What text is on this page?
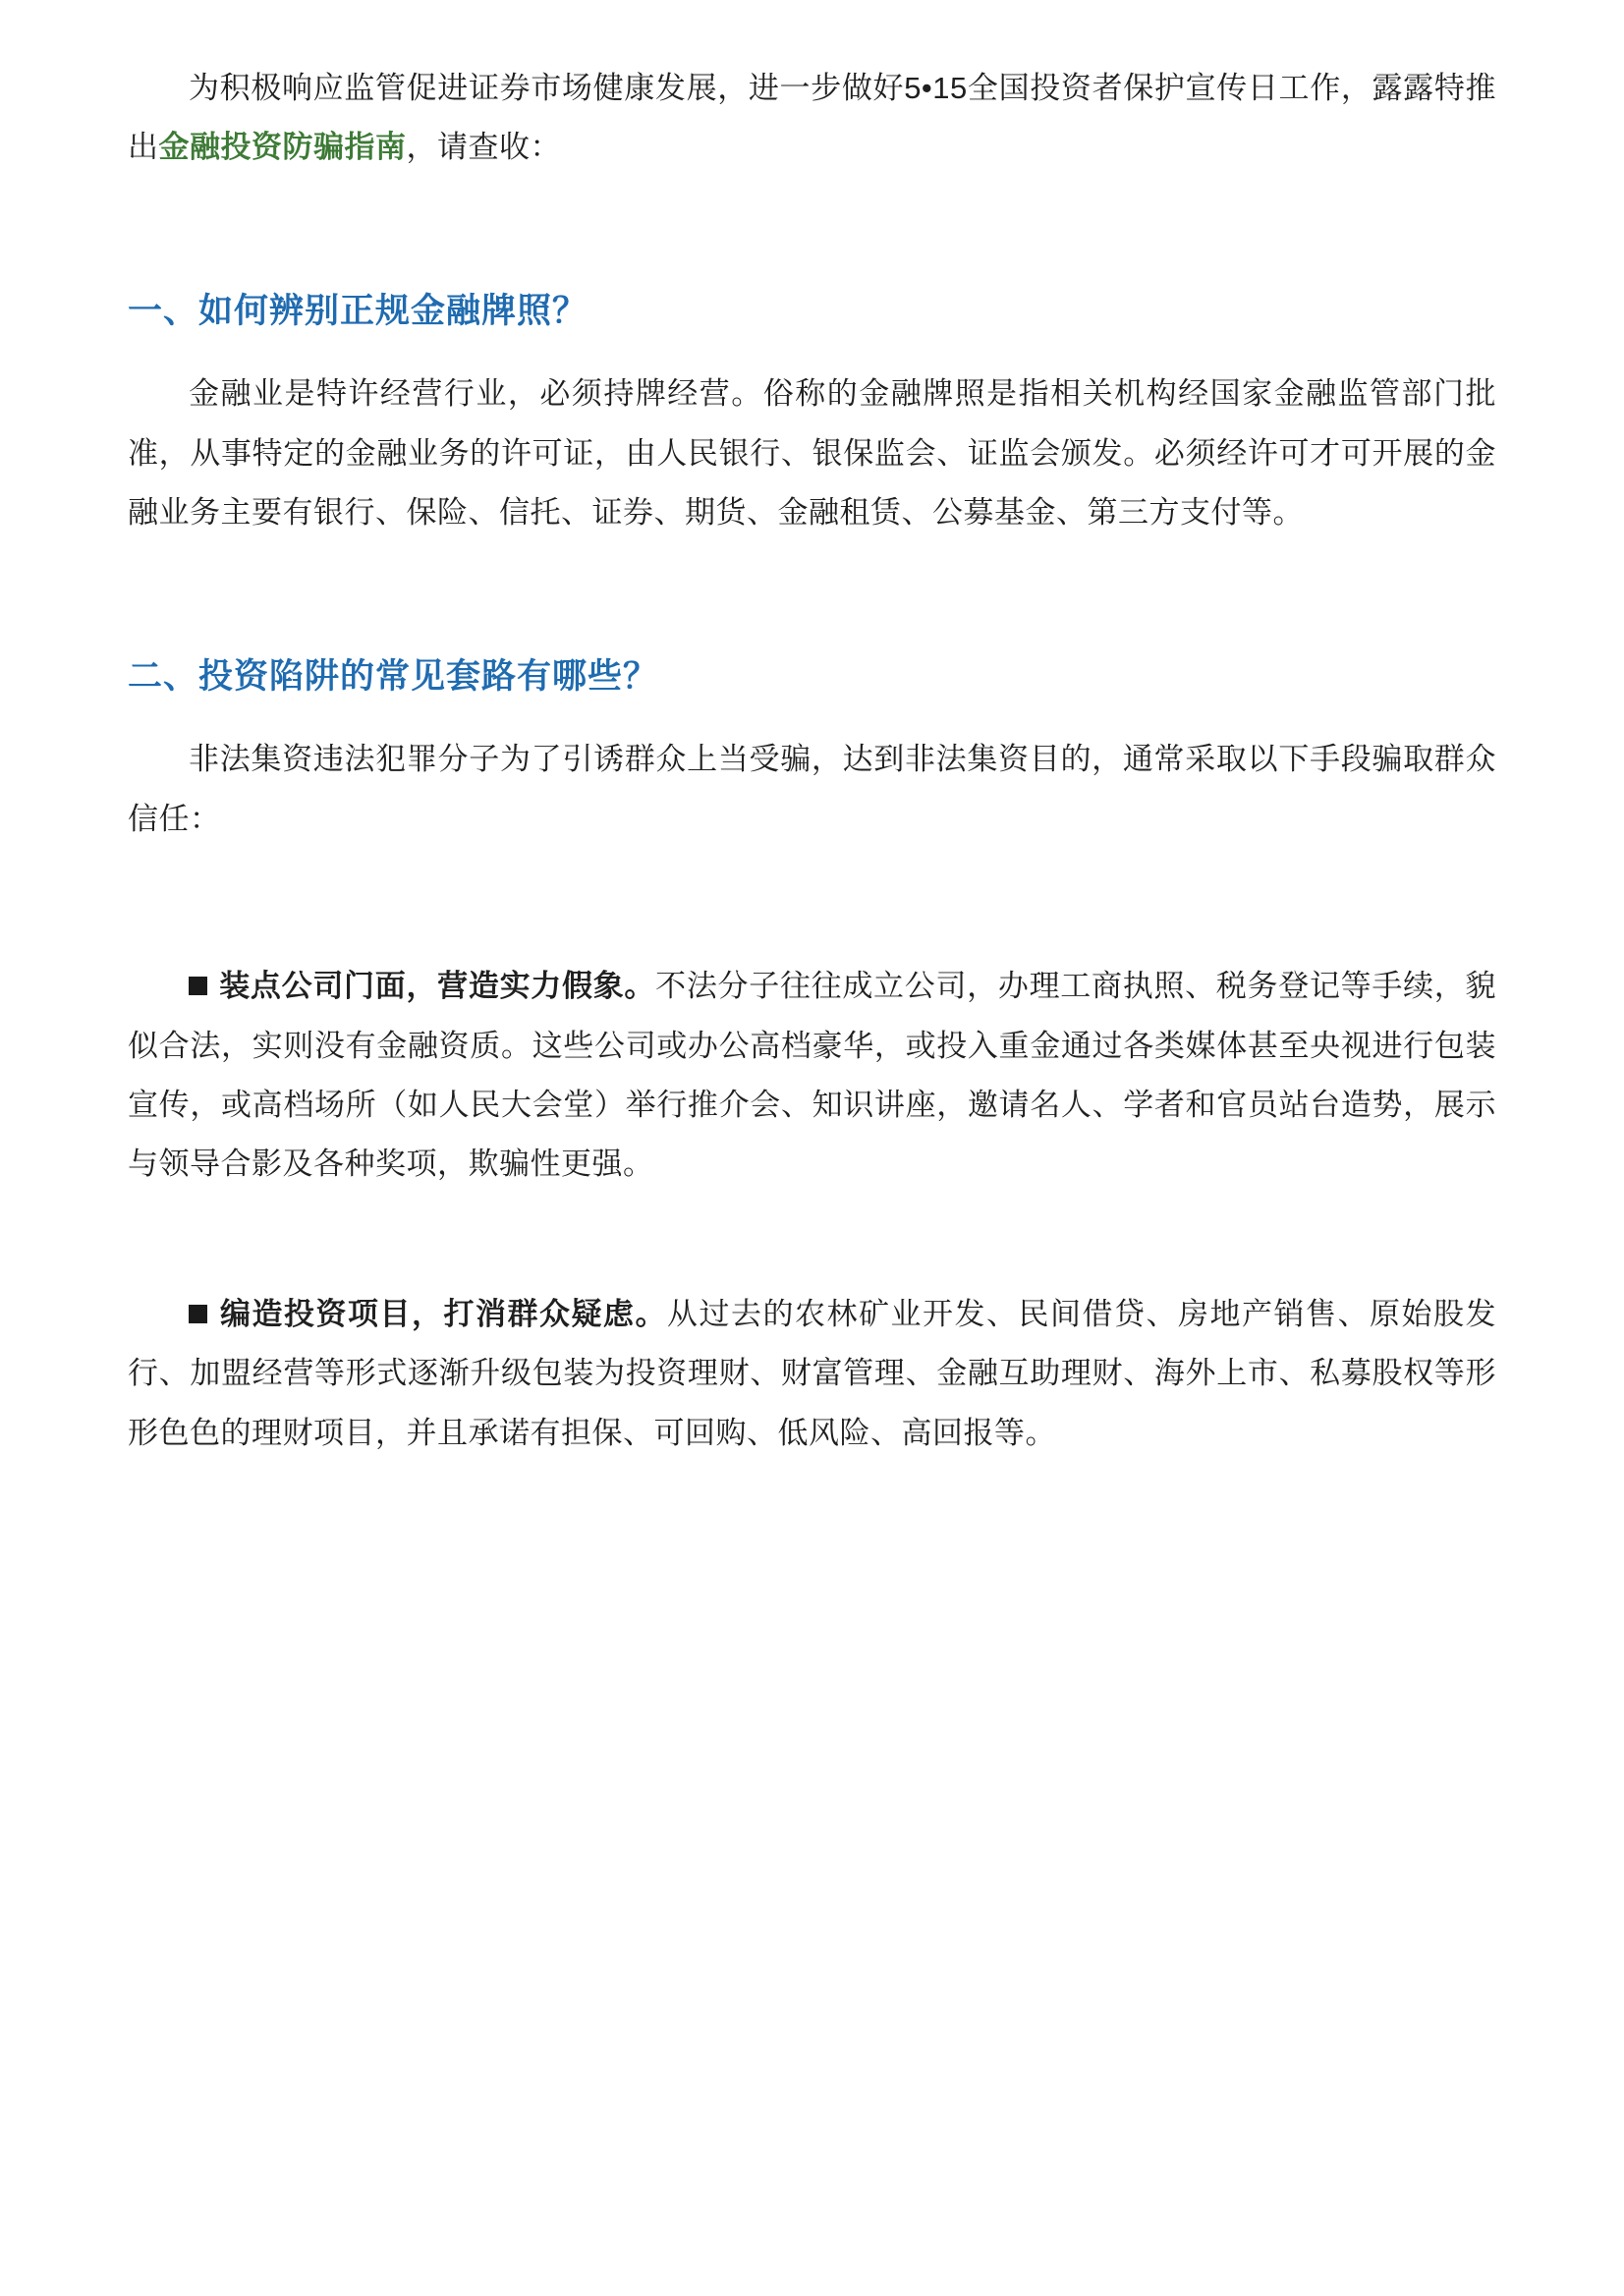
为积极响应监管促进证券市场健康发展，进一步做好5•15全国投资者保护宣传日工作，露露特推出金融投资防骗指南，请查收：

一、如何辨别正规金融牌照？

金融业是特许经营行业，必须持牌经营。俗称的金融牌照是指相关机构经国家金融监管部门批准，从事特定的金融业务的许可证，由人民银行、银保监会、证监会颁发。必须经许可才可开展的金融业务主要有银行、保险、信托、证券、期货、金融租赁、公募基金、第三方支付等。

二、投资陷阱的常见套路有哪些？

非法集资违法犯罪分子为了引诱群众上当受骗，达到非法集资目的，通常采取以下手段骗取群众信任：

装点公司门面，营造实力假象。不法分子往往成立公司，办理工商执照、税务登记等手续，貌似合法，实则没有金融资质。这些公司或办公高档豪华，或投入重金通过各类媒体甚至央视进行包装宣传，或高档场所（如人民大会堂）举行推介会、知识讲座，邀请名人、学者和官员站台造势，展示与领导合影及各种奖项，欺骗性更强。

编造投资项目，打消群众疑虑。从过去的农林矿业开发、民间借贷、房地产销售、原始股发行、加盟经营等形式逐渐升级包装为投资理财、财富管理、金融互助理财、海外上市、私募股权等形形色色的理财项目，并且承诺有担保、可回购、低风险、高回报等。
